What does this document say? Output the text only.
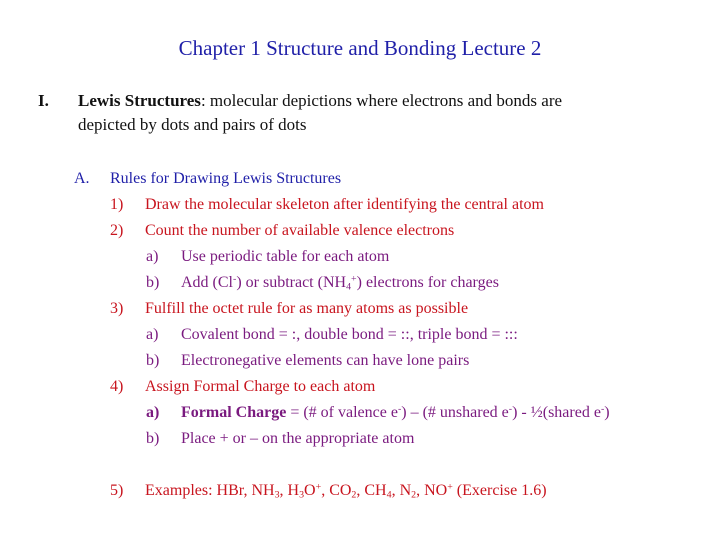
Chapter 1 Structure and Bonding Lecture 2
I. Lewis Structures: molecular depictions where electrons and bonds are
depicted by dots and pairs of dots
A. Rules for Drawing Lewis Structures
1) Draw the molecular skeleton after identifying the central atom
2) Count the number of available valence electrons
a) Use periodic table for each atom
b) Add (Cl-) or subtract $(NH_4^+)$ electrons for charges
3) Fulfill the octet rule for as many atoms as possible
a) Covalent bond = :, double bond = ::, triple bond = :::
b) Electronegative elements can have lone pairs
4) Assign Formal Charge to each atom
a) Formal Charge = (# of valence e-) – (# unshared e-) - ½(shared e-)
b) Place + or – on the appropriate atom
5) Examples: HBr, $NH_3$, $H_3O^+$, $CO_2$, $CH_4$, $N_2$, NO+ (Exercise 1.6)
